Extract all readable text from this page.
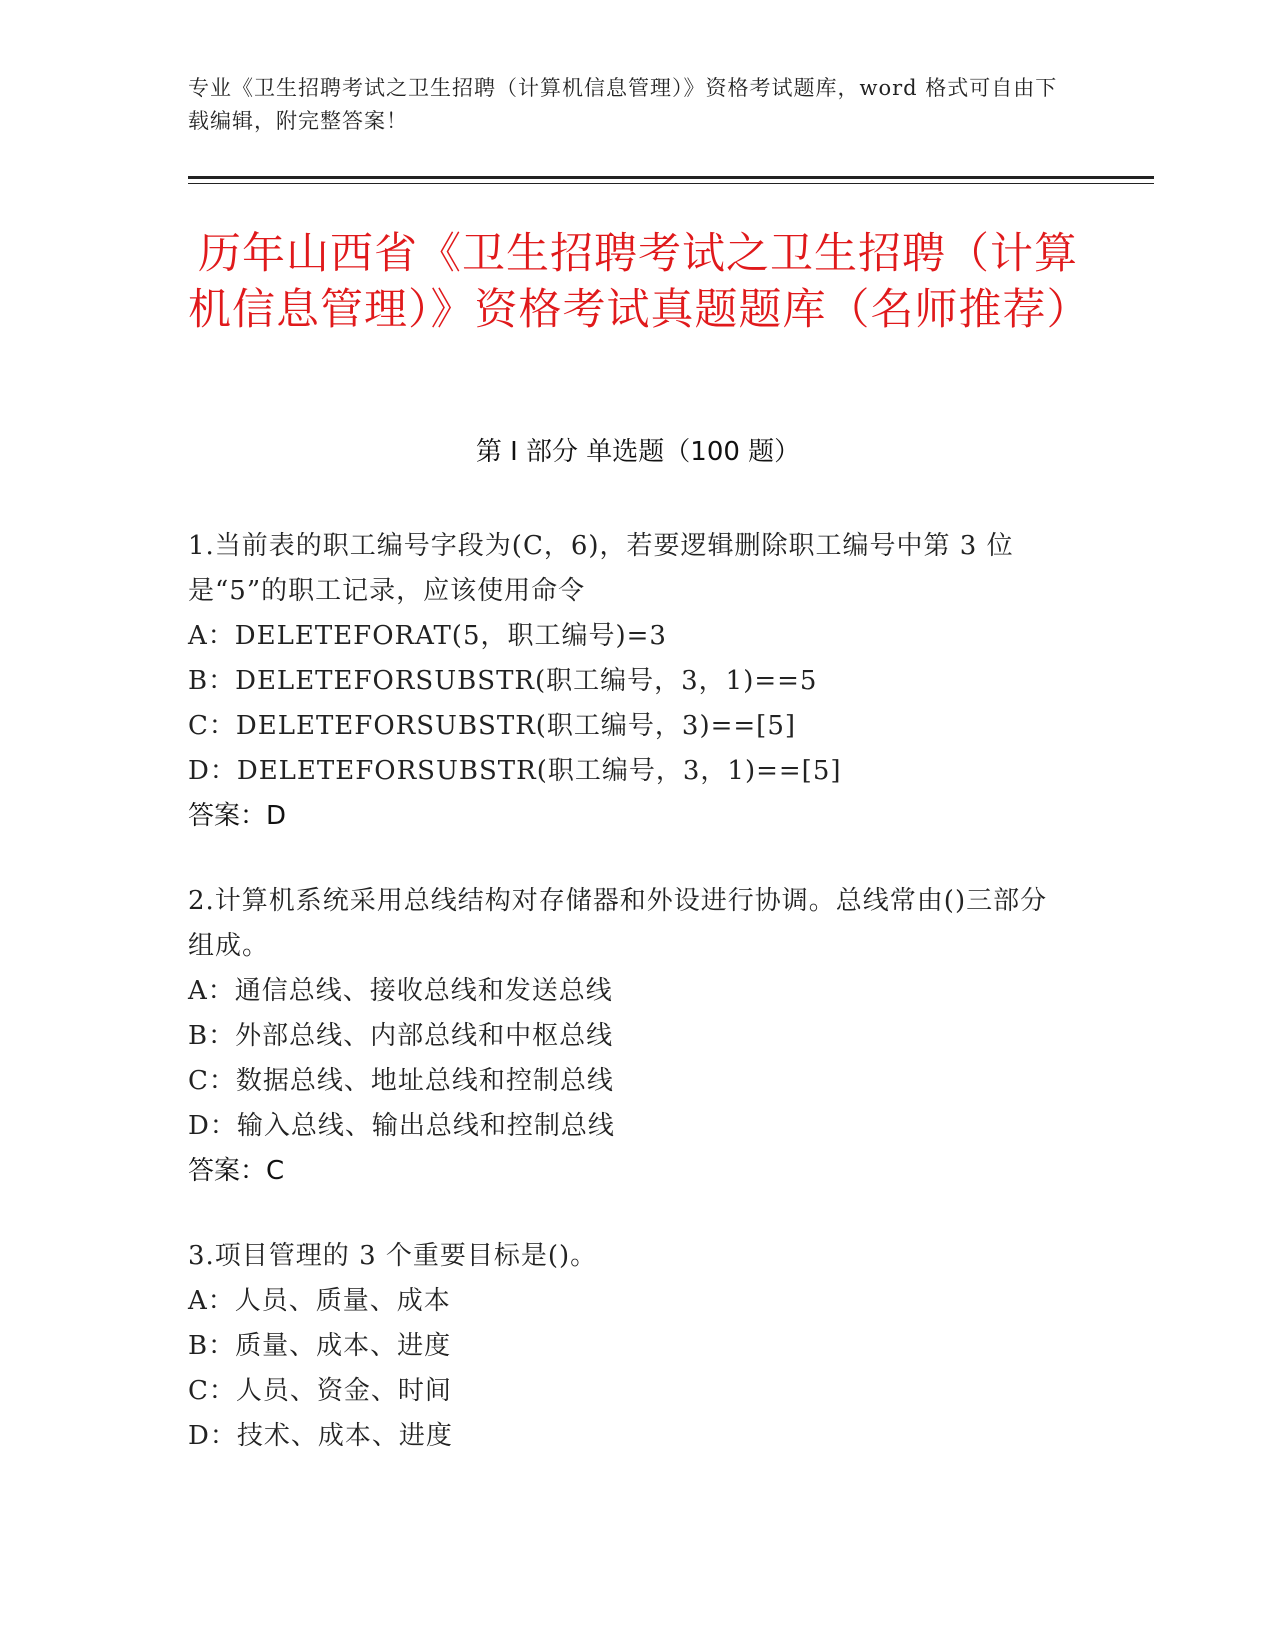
专业《卫生招聘考试之卫生招聘（计算机信息管理）》资格考试题库，word 格式可自由下载编辑，附完整答案！
历年山西省《卫生招聘考试之卫生招聘（计算机信息管理）》资格考试真题题库（名师推荐）
第 I 部分 单选题（100 题）
1.当前表的职工编号字段为(C，6)，若要逻辑删除职工编号中第 3 位是“5”的职工记录，应该使用命令
A：DELETEFORAT(5，职工编号)=3
B：DELETEFORSUBSTR(职工编号，3，1)==5
C：DELETEFORSUBSTR(职工编号，3)==[5]
D：DELETEFORSUBSTR(职工编号，3，1)==[5]
答案：D
2.计算机系统采用总线结构对存储器和外设进行协调。总线常由()三部分组成。
A：通信总线、接收总线和发送总线
B：外部总线、内部总线和中枢总线
C：数据总线、地址总线和控制总线
D：输入总线、输出总线和控制总线
答案：C
3.项目管理的 3 个重要目标是()。
A：人员、质量、成本
B：质量、成本、进度
C：人员、资金、时间
D：技术、成本、进度
